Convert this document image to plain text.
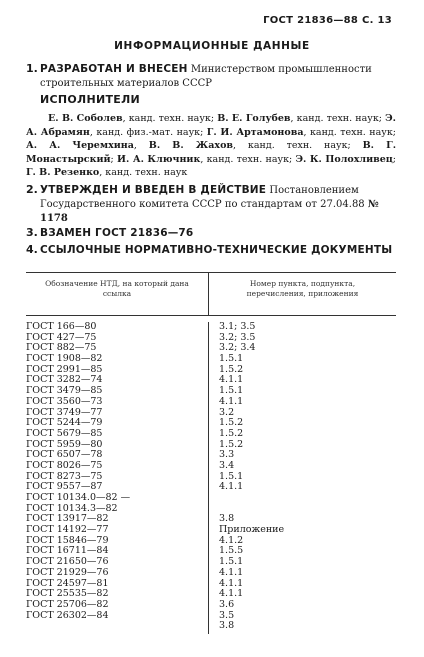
ГОСТ 21836—88 С. 13
ИНФОРМАЦИОННЫЕ ДАННЫЕ
1. РАЗРАБОТАН И ВНЕСЕН Министерством промышленности строительных материалов СССР
ИСПОЛНИТЕЛИ
Е. В. Соболев, канд. техн. наук; В. Е. Голубев, канд. техн. наук; Э. А. Абрамян, канд. физ.-мат. наук; Г. И. Артамонова, канд. техн. наук; А. А. Черемхина, В. В. Жахов, канд. техн. наук; В. Г. Монастырский; И. А. Ключник, канд. техн. наук; Э. К. Полохливец; Г. В. Резенко, канд. техн. наук
2. УТВЕРЖДЕН И ВВЕДЕН В ДЕЙСТВИЕ Постановлением Государственного комитета СССР по стандартам от 27.04.88 № 1178
3. ВЗАМЕН ГОСТ 21836—76
4. ССЫЛОЧНЫЕ НОРМАТИВНО-ТЕХНИЧЕСКИЕ ДОКУМЕНТЫ
Обозначение НТД, на который дана ссылка
Номер пункта, подпункта, перечисления, приложения
ГОСТ 166—80
ГОСТ 427—75
ГОСТ 882—75
ГОСТ 1908—82
ГОСТ 2991—85
ГОСТ 3282—74
ГОСТ 3479—85
ГОСТ 3560—73
ГОСТ 3749—77
ГОСТ 5244—79
ГОСТ 5679—85
ГОСТ 5959—80
ГОСТ 6507—78
ГОСТ 8026—75
ГОСТ 8273—75
ГОСТ 9557—87
ГОСТ 10134.0—82 —
ГОСТ 10134.3—82
ГОСТ 13917—82
ГОСТ 14192—77
ГОСТ 15846—79
ГОСТ 16711—84
ГОСТ 21650—76
ГОСТ 21929—76
ГОСТ 24597—81
ГОСТ 25535—82
ГОСТ 25706—82
ГОСТ 26302—84
3.1; 3.5
3.2; 3.5
3.2; 3.4
1.5.1
1.5.2
4.1.1
1.5.1
4.1.1
3.2
1.5.2
1.5.2
1.5.2
3.3
3.4
1.5.1
4.1.1
3.8
Приложение
4.1.2
1.5.5
1.5.1
4.1.1
4.1.1
4.1.1
3.6
3.5
3.8
